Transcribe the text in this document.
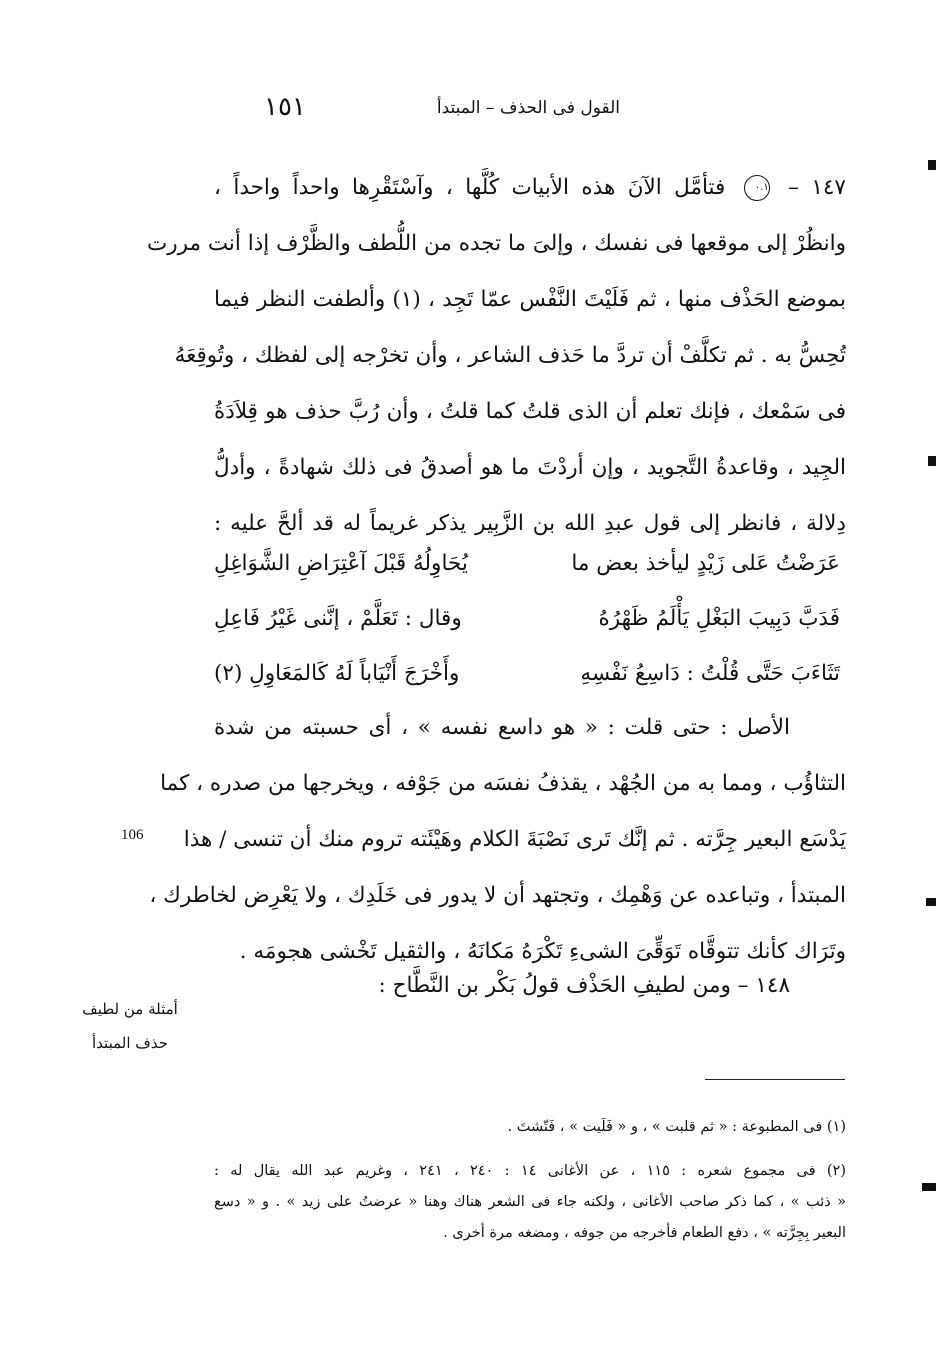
١٥١	القول فى الحذف – المبتدأ
١٤٧ – ٠.١ فتأمَّل الآنَ هذه الأبيات كُلَّها ، وآسْتَقْرِها واحداً واحداً ،
وانظُرْ إلى موقعها فى نفسك ، وإلىَ ما تجده من اللُّطف والظَّرْف إذا أنت مررت
بموضع الحَذْف منها ، ثم فَلَيْتَ النَّفْس عمّا تَجِد ، (١) وألطفت النظر فيما
تُحِسُّ به . ثم تكلَّفْ أن تردَّ ما حَذف الشاعر ، وأن تخرْجه إلى لفظك ، وتُوقِعَهُ
فى سَمْعك ، فإنك تعلم أن الذى قلتُ كما قلتُ ، وأن رُبَّ حذف هو قِلاَدَةُ
الجِيد ، وقاعدةُ التَّجويد ، وإن أردْتَ ما هو أصدقُ فى ذلك شهادةً ، وأدلُّ
دِلالة ، فانظر إلى قول عبدِ الله بن الزَّبِير يذكر غريماً له قد ألحَّ عليه :
عَرَضْتُ عَلى زَيْدٍ ليأخذ بعض ما
يُحَاوِلُهُ قَبْلَ آعْتِرَاضِ الشَّوَاغِلِ
فَدَبَّ دَبِيبَ البَغْلِ يَأْلَمُ ظَهْرُهُ
وقال : تَعَلَّمْ ، إنَّنى غَيْرُ فَاعِلِ
تَثَاءَبَ حَتَّى قُلْتُ : دَاسِعُ نَفْسِهِ
وأَخْرَجَ أَنْيَاباً لَهُ كَالمَعَاوِلِ (٢)
الأصل : حتى قلت : « هو داسع نفسه » ، أى حسبته من شدة
التثاؤُب ، ومما به من الجُهْد ، يقذفُ نفسَه من جَوْفه ، ويخرجها من صدره ، كما
يَدْسَع البعير جِرَّته . ثم إنَّك تَرى نَصْبَةَ الكلام وهَيْئَته تروم منك أن تنسى / هذا
المبتدأ ، وتباعده عن وَهْمِك ، وتجتهد أن لا يدور فى خَلَدِك ، ولا يَعْرِض لخاطرك ،
وتَرَاك كأنك تتوقَّاه تَوَقِّىَ الشىءِ تَكْرَهُ مَكانَهُ ، والثقيل تَخْشى هجومَه .
١٤٨ – ومن لطيفِ الحَذْف قولُ بَكْر بن النَّطَّاح :
106
أمثلة من لطيف
حذف المبتدأ
(١) فى المطبوعة : « ثم قلبت » ، و « فَلَيت » ، فَتّشتَ .
(٢) فى مجموع شعره : ١١٥ ، عن الأغانى ١٤ : ٢٤٠ ، ٢٤١ ، وغريم عبد الله يقال له :
« ذئب » ، كما ذكر صاحب الأغانى ، ولكنه جاء فى الشعر هناك وهنا « عرضتُ على زيد » . و « دسع
البعير بِجِرَّته » ، دفع الطعام فأخرجه من جوفه ، ومضغه مرة أخرى .
